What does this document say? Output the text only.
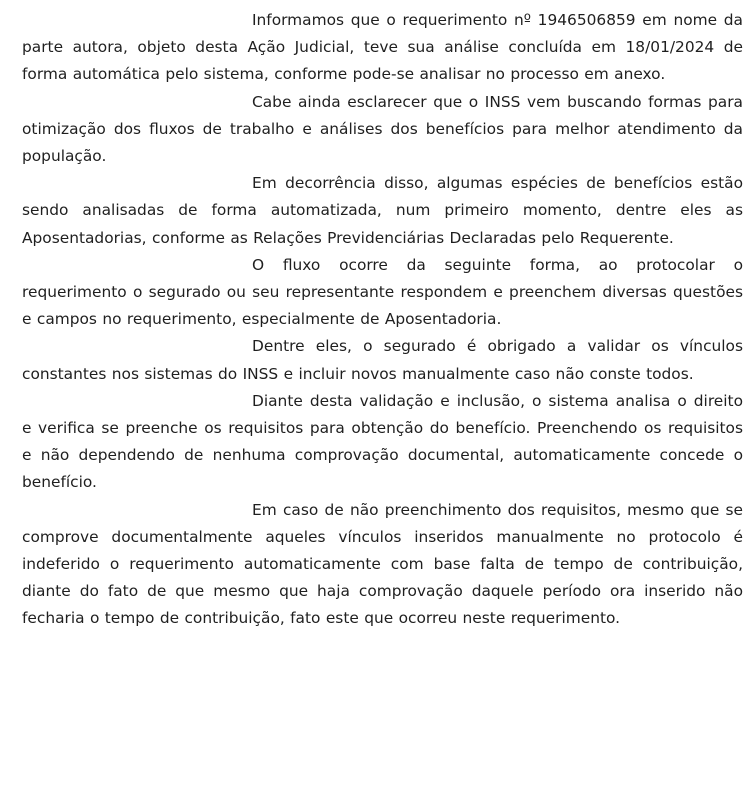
Informamos que o requerimento nº 1946506859 em nome da parte autora, objeto desta Ação Judicial, teve sua análise concluída em 18/01/2024 de forma automática pelo sistema, conforme pode-se analisar no processo em anexo.

Cabe ainda esclarecer que o INSS vem buscando formas para otimização dos fluxos de trabalho e análises dos benefícios para melhor atendimento da população.

Em decorrência disso, algumas espécies de benefícios estão sendo analisadas de forma automatizada, num primeiro momento, dentre eles as Aposentadorias, conforme as Relações Previdenciárias Declaradas pelo Requerente.

O fluxo ocorre da seguinte forma, ao protocolar o requerimento o segurado ou seu representante respondem e preenchem diversas questões e campos no requerimento, especialmente de Aposentadoria.

Dentre eles, o segurado é obrigado a validar os vínculos constantes nos sistemas do INSS e incluir novos manualmente caso não conste todos.

Diante desta validação e inclusão, o sistema analisa o direito e verifica se preenche os requisitos para obtenção do benefício. Preenchendo os requisitos e não dependendo de nenhuma comprovação documental, automaticamente concede o benefício.

Em caso de não preenchimento dos requisitos, mesmo que se comprove documentalmente aqueles vínculos inseridos manualmente no protocolo é indeferido o requerimento automaticamente com base falta de tempo de contribuição, diante do fato de que mesmo que haja comprovação daquele período ora inserido não fecharia o tempo de contribuição, fato este que ocorreu neste requerimento.
